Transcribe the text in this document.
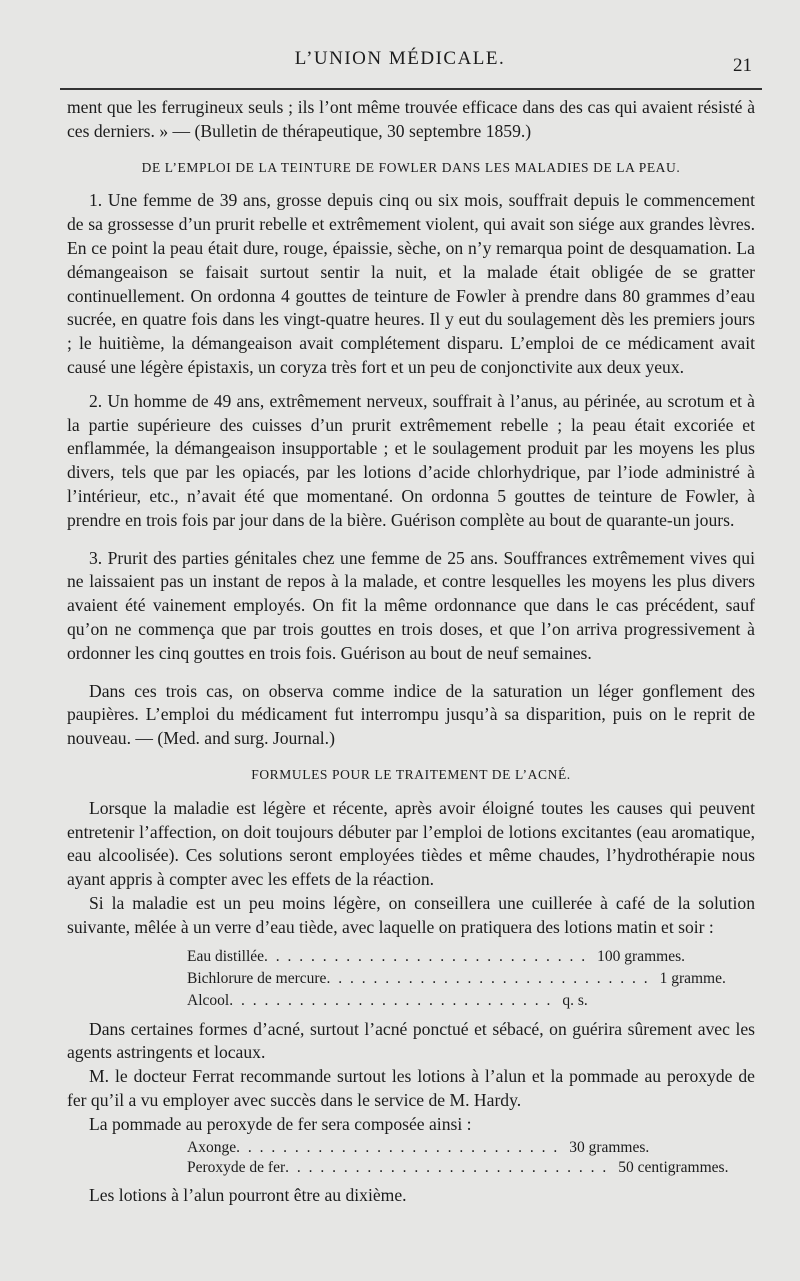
L’UNION MÉDICALE.	21

ment que les ferrugineux seuls ; ils l’ont même trouvée efficace dans des cas qui avaient résisté à ces derniers. » — (Bulletin de thérapeutique, 30 septembre 1859.)

DE L’EMPLOI DE LA TEINTURE DE FOWLER DANS LES MALADIES DE LA PEAU.

1. Une femme de 39 ans, grosse depuis cinq ou six mois, souffrait depuis le commencement de sa grossesse d’un prurit rebelle et extrêmement violent, qui avait son siége aux grandes lèvres. En ce point la peau était dure, rouge, épaissie, sèche, on n’y remarqua point de desquamation. La démangeaison se faisait surtout sentir la nuit, et la malade était obligée de se gratter continuellement. On ordonna 4 gouttes de teinture de Fowler à prendre dans 80 grammes d’eau sucrée, en quatre fois dans les vingt-quatre heures. Il y eut du soulagement dès les premiers jours ; le huitième, la démangeaison avait complétement disparu. L’emploi de ce médicament avait causé une légère épistaxis, un coryza très fort et un peu de conjonctivite aux deux yeux.

2. Un homme de 49 ans, extrêmement nerveux, souffrait à l’anus, au périnée, au scrotum et à la partie supérieure des cuisses d’un prurit extrêmement rebelle ; la peau était excoriée et enflammée, la démangeaison insupportable ; et le soulagement produit par les moyens les plus divers, tels que par les opiacés, par les lotions d’acide chlorhydrique, par l’iode administré à l’intérieur, etc., n’avait été que momentané. On ordonna 5 gouttes de teinture de Fowler, à prendre en trois fois par jour dans de la bière. Guérison complète au bout de quarante-un jours.

3. Prurit des parties génitales chez une femme de 25 ans. Souffrances extrêmement vives qui ne laissaient pas un instant de repos à la malade, et contre lesquelles les moyens les plus divers avaient été vainement employés. On fit la même ordonnance que dans le cas précédent, sauf qu’on ne commença que par trois gouttes en trois doses, et que l’on arriva progressivement à ordonner les cinq gouttes en trois fois. Guérison au bout de neuf semaines.

Dans ces trois cas, on observa comme indice de la saturation un léger gonflement des paupières. L’emploi du médicament fut interrompu jusqu’à sa disparition, puis on le reprit de nouveau. — (Med. and surg. Journal.)

FORMULES POUR LE TRAITEMENT DE L’ACNÉ.

Lorsque la maladie est légère et récente, après avoir éloigné toutes les causes qui peuvent entretenir l’affection, on doit toujours débuter par l’emploi de lotions excitantes (eau aromatique, eau alcoolisée). Ces solutions seront employées tièdes et même chaudes, l’hydrothérapie nous ayant appris à compter avec les effets de la réaction.

Si la maladie est un peu moins légère, on conseillera une cuillerée à café de la solution suivante, mêlée à un verre d’eau tiède, avec laquelle on pratiquera des lotions matin et soir :

Eau distillée . . . . . . . . . . . . . . . . . . . . . . . . . . . . 100 grammes.
Bichlorure de mercure . . . . . . . . . . . . . . . . . . . . . . . . . . . . 1 gramme.
Alcool . . . . . . . . . . . . . . . . . . . . . . . . . . . . q. s.

Dans certaines formes d’acné, surtout l’acné ponctué et sébacé, on guérira sûrement avec les agents astringents et locaux.

M. le docteur Ferrat recommande surtout les lotions à l’alun et la pommade au peroxyde de fer qu’il a vu employer avec succès dans le service de M. Hardy.

La pommade au peroxyde de fer sera composée ainsi :

Axonge . . . . . . . . . . . . . . . . . . . . . . . . . . . . 30 grammes.
Peroxyde de fer . . . . . . . . . . . . . . . . . . . . . . . . . . . . 50 centigrammes.

Les lotions à l’alun pourront être au dixième.
